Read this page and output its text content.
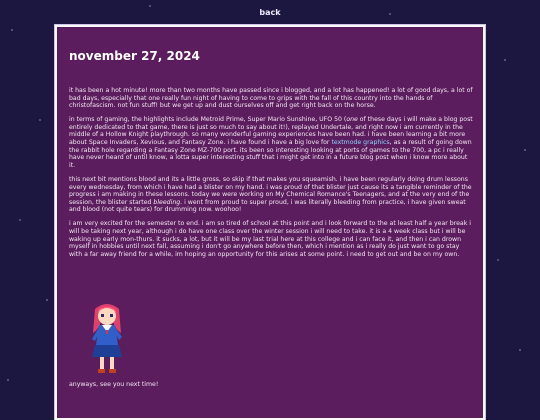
back
november 27, 2024

it has been a hot minute! more than two months have passed since i blogged, and a lot has happened! a lot of good days, a lot of bad days, especially that one really fun night of having to come to grips with the fall of this country into the hands of christofascism. not fun stuff! but we get up and dust ourselves off and get right back on the horse.

in terms of gaming, the highlights include Metroid Prime, Super Mario Sunshine, UFO 50 (one of these days i will make a blog post entirely dedicated to that game, there is just so much to say about it!), replayed Undertale, and right now i am currently in the middle of a Hollow Knight playthrough. so many wonderful gaming experiences have been had. i have been learning a bit more about Space Invaders, Xevious, and Fantasy Zone. i have found i have a big love for textmode graphics, as a result of going down the rabbit hole regarding a Fantasy Zone MZ-700 port. its been so interesting looking at ports of games to the 700, a pc i really have never heard of until know, a lotta super interesting stuff that i might get into in a future blog post when i know more about it.

this next bit mentions blood and its a little gross, so skip if that makes you squeamish. i have been regularly doing drum lessons every wednesday, from which i have had a blister on my hand. i was proud of that blister just cause its a tangible reminder of the progress i am making in these lessons. today we were working on My Chemical Romance's Teenagers, and at the very end of the session, the blister started bleeding. i went from proud to super proud, i was literally bleeding from practice, i have given sweat and blood (not quite tears) for drumming now. woohoo!

i am very excited for the semester to end. i am so tired of school at this point and i look forward to the at least half a year break i will be taking next year, although i do have one class over the winter session i will need to take. it is a 4 week class but i will be waking up early mon-thurs. it sucks, a lot, but it will be my last trial here at this college and i can face it, and then i can drown myself in hobbies until next fall, assuming i don't go anywhere before then, which i mention as i really do just want to go stay with a far away friend for a while, im hoping an opportunity for this arises at some point. i need to get out and be on my own.

anyways, see you next time!
